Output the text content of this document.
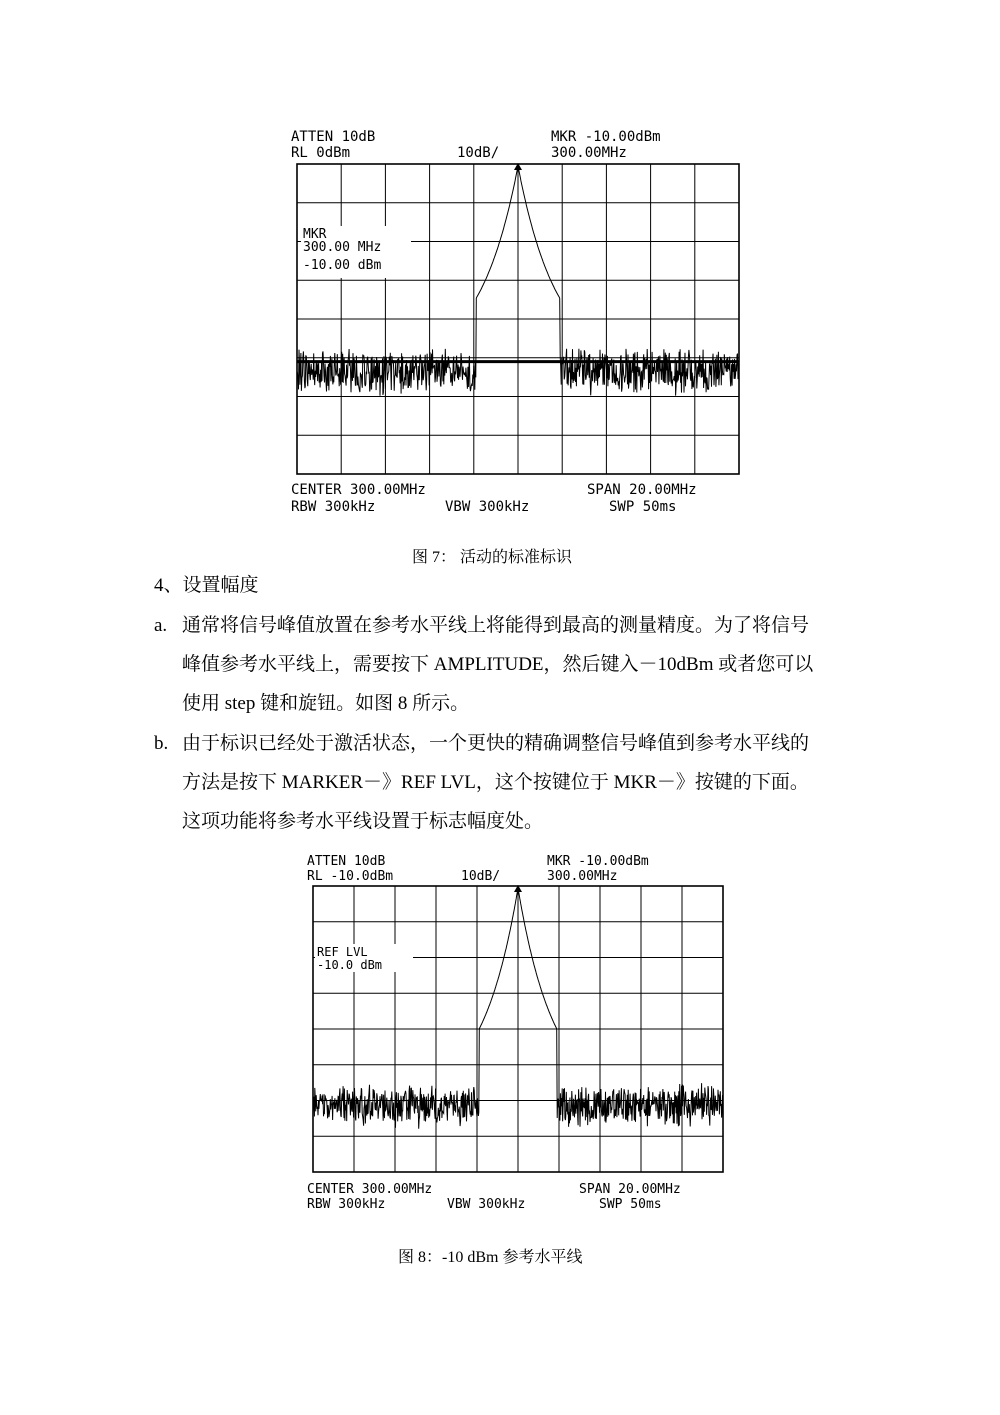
ATTEN 10dB
RL 0dBm	10dB/
MKR -10.00dBm
300.00MHz
MKR
300.00 MHz
-10.00 dBm
CENTER 300.00MHz	SPAN 20.00MHz
RBW 300kHz	VBW 300kHz	SWP 50ms
图 7： 活动的标准标识
4、设置幅度
a. 通常将信号峰值放置在参考水平线上将能得到最高的测量精度。为了将信号
峰值参考水平线上，需要按下 AMPLITUDE，然后键入－10dBm 或者您可以
使用 step 键和旋钮。如图 8 所示。
b. 由于标识已经处于激活状态，一个更快的精确调整信号峰值到参考水平线的
方法是按下 MARKER－》REF LVL，这个按键位于 MKR－》按键的下面。
这项功能将参考水平线设置于标志幅度处。
ATTEN 10dB
RL -10.0dBm	10dB/
MKR -10.00dBm
300.00MHz
REF LVL
-10.0 dBm
CENTER 300.00MHz	SPAN 20.00MHz
RBW 300kHz	VBW 300kHz	SWP 50ms
图 8：-10 dBm 参考水平线
